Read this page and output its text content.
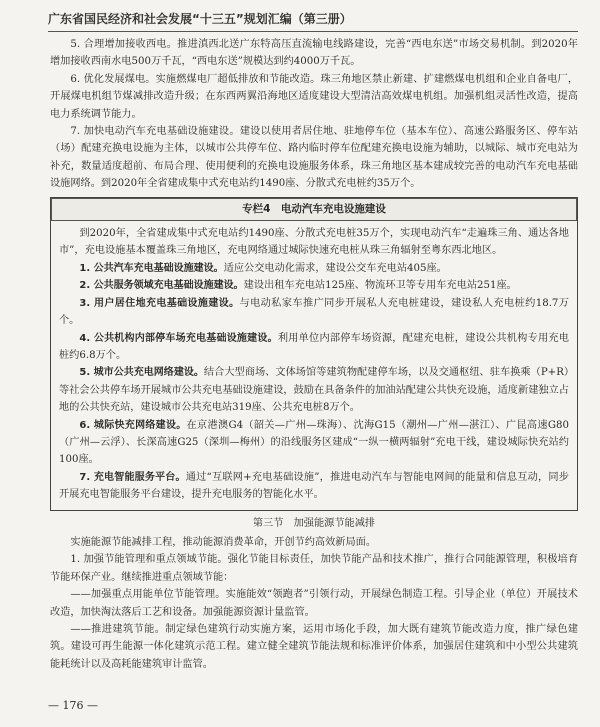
广东省国民经济和社会发展“十三五”规划汇编（第三册）

5. 合理增加接收西电。推进滇西北送广东特高压直流输电线路建设，完善“西电东送”市场交易机制。到2020年增加接收西南水电500万千瓦，“西电东送”规模达到约4000万千瓦。

6. 优化发展煤电。实施燃煤电厂超低排放和节能改造。珠三角地区禁止新建、扩建燃煤电机组和企业自备电厂，开展煤电机组节煤减排改造升级；在东西两翼沿海地区适度建设大型清洁高效煤电机组。加强机组灵活性改造，提高电力系统调节能力。

7. 加快电动汽车充电基础设施建设。建设以使用者居住地、驻地停车位（基本车位）、高速公路服务区、停车站（场）配建充换电设施为主体，以城市公共停车位、路内临时停车位配建充换电设施为辅助，以城际、城市充电站为补充，数量适度超前、布局合理、使用便利的充换电设施服务体系，珠三角地区基本建成较完善的电动汽车充电基础设施网络。到2020年全省建成集中式充电站约1490座、分散式充电桩约35万个。

专栏4　电动汽车充电设施建设

到2020年，全省建成集中式充电站约1490座、分散式充电桩35万个，实现电动汽车“走遍珠三角、通达各地市”，充电设施基本覆盖珠三角地区，充电网络通过城际快速充电桩从珠三角辐射至粤东西北地区。

1. 公共汽车充电基础设施建设。适应公交电动化需求，建设公交车充电站405座。

2. 公共服务领域充电基础设施建设。建设出租车充电站125座、物流环卫等专用车充电站251座。

3. 用户居住地充电基础设施建设。与电动私家车推广同步开展私人充电桩建设，建设私人充电桩约18.7万个。

4. 公共机构内部停车场充电基础设施建设。利用单位内部停车场资源，配建充电桩，建设公共机构专用充电桩约6.8万个。

5. 城市公共充电网络建设。结合大型商场、文体场馆等建筑物配建停车场，以及交通枢纽、驻车换乘（P+R）等社会公共停车场开展城市公共充电基础设施建设，鼓励在具备条件的加油站配建公共快充设施，适度新建独立占地的公共快充站，建设城市公共充电站319座、公共充电桩8万个。

6. 城际快充网络建设。在京港澳G4（韶关—广州—珠海）、沈海G15（潮州—广州—湛江）、广昆高速G80（广州—云浮）、长深高速G25（深圳—梅州）的沿线服务区建成“一纵一横两辐射”充电干线，建设城际快充站约100座。

7. 充电智能服务平台。通过“互联网+充电基础设施”，推进电动汽车与智能电网间的能量和信息互动，同步开展充电智能服务平台建设，提升充电服务的智能化水平。

第三节　加强能源节能减排

实施能源节能减排工程，推动能源消费革命，开创节约高效新局面。

1. 加强节能管理和重点领域节能。强化节能目标责任，加快节能产品和技术推广，推行合同能源管理，积极培育节能环保产业。继续推进重点领域节能：

——加强重点用能单位节能管理。实施能效“领跑者”引领行动，开展绿色制造工程。引导企业（单位）开展技术改造，加快淘汰落后工艺和设备。加强能源资源计量监管。

——推进建筑节能。制定绿色建筑行动实施方案，运用市场化手段，加大既有建筑节能改造力度，推广绿色建筑。建设可再生能源一体化建筑示范工程。建立健全建筑节能法规和标准评价体系，加强居住建筑和中小型公共建筑能耗统计以及高耗能建筑审计监管。

— 176 —
